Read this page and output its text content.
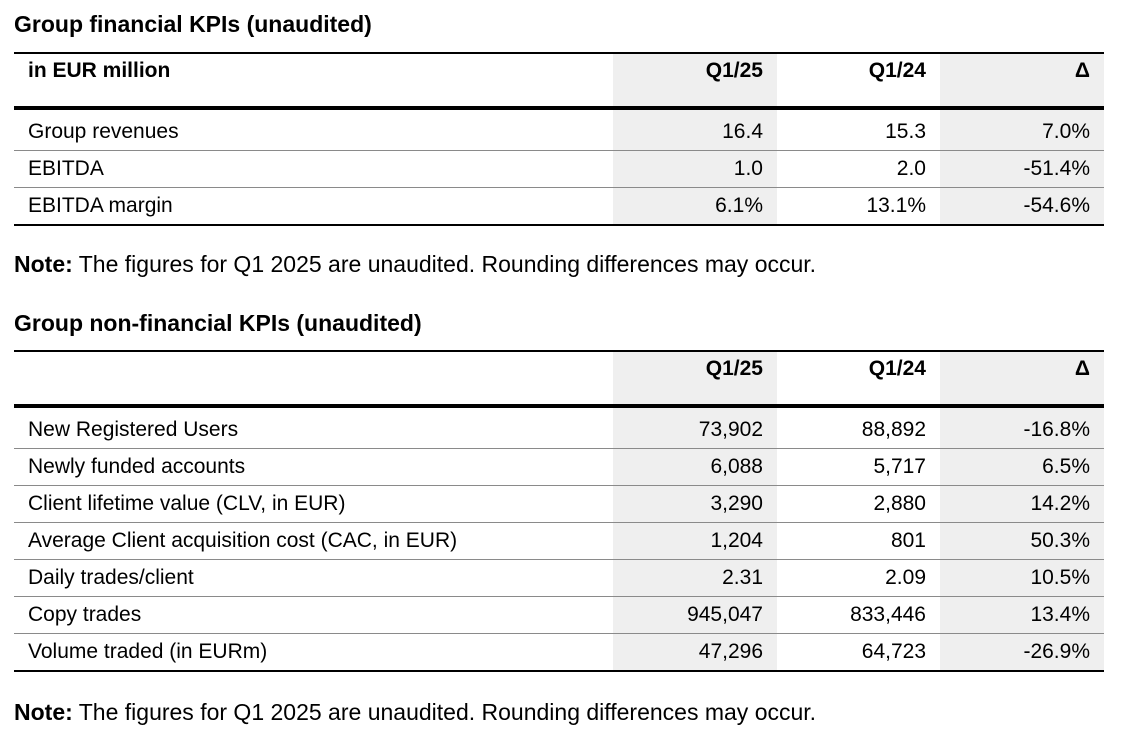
Group financial KPIs (unaudited)
in EUR million	Q1/25	Q1/24	Δ
Group revenues	16.4	15.3	7.0%
EBITDA	1.0	2.0	-51.4%
EBITDA margin	6.1%	13.1%	-54.6%

Note: The figures for Q1 2025 are unaudited. Rounding differences may occur.

Group non-financial KPIs (unaudited)
	Q1/25	Q1/24	Δ
New Registered Users	73,902	88,892	-16.8%
Newly funded accounts	6,088	5,717	6.5%
Client lifetime value (CLV, in EUR)	3,290	2,880	14.2%
Average Client acquisition cost (CAC, in EUR)	1,204	801	50.3%
Daily trades/client	2.31	2.09	10.5%
Copy trades	945,047	833,446	13.4%
Volume traded (in EURm)	47,296	64,723	-26.9%

Note: The figures for Q1 2025 are unaudited. Rounding differences may occur.
